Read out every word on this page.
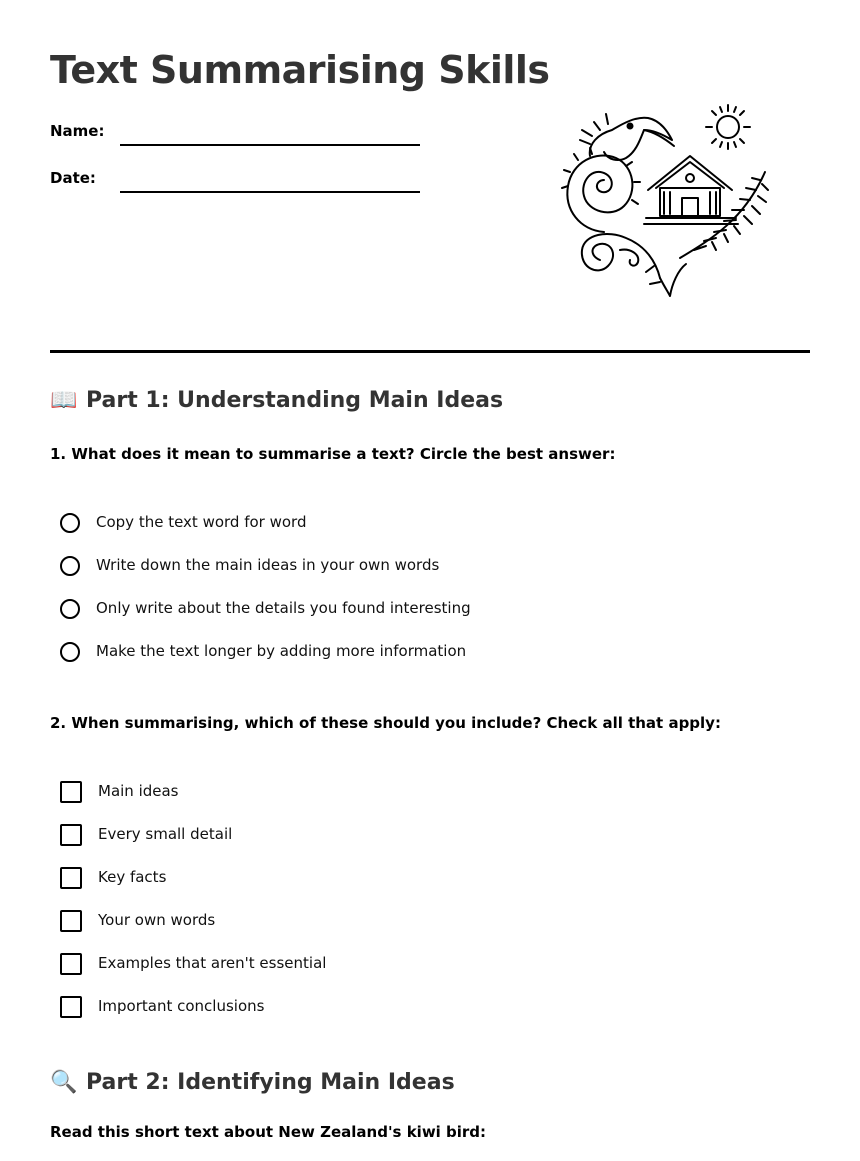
Text Summarising Skills
Name:
Date:
📖 Part 1: Understanding Main Ideas
1. What does it mean to summarise a text? Circle the best answer:
Copy the text word for word
Write down the main ideas in your own words
Only write about the details you found interesting
Make the text longer by adding more information
2. When summarising, which of these should you include? Check all that apply:
Main ideas
Every small detail
Key facts
Your own words
Examples that aren't essential
Important conclusions
🔍 Part 2: Identifying Main Ideas
Read this short text about New Zealand's kiwi bird:
